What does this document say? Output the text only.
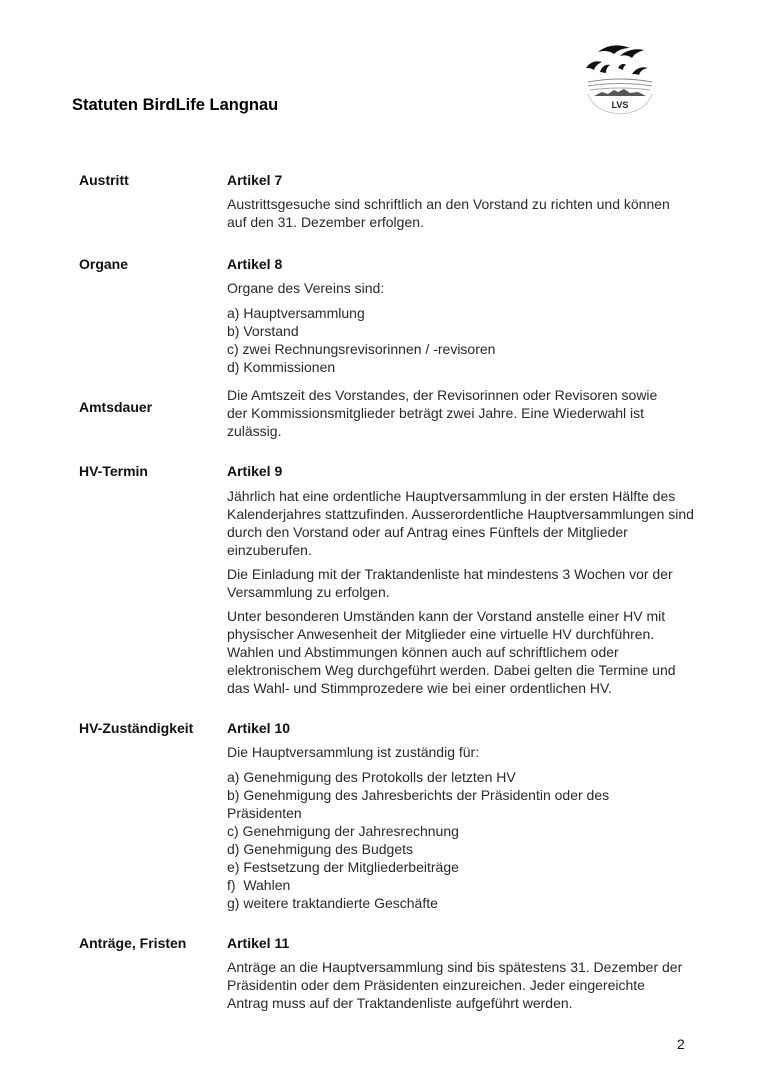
Statuten BirdLife Langnau	LVS
Austritt	Artikel 7
Austrittsgesuche sind schriftlich an den Vorstand zu richten und können
auf den 31. Dezember erfolgen.
Organe	Artikel 8
Organe des Vereins sind:
a) Hauptversammlung
b) Vorstand
c) zwei Rechnungsrevisorinnen / -revisoren
d) Kommissionen
Amtsdauer
Die Amtszeit des Vorstandes, der Revisorinnen oder Revisoren sowie
der Kommissionsmitglieder beträgt zwei Jahre. Eine Wiederwahl ist
zulässig.
HV-Termin	Artikel 9
Jährlich hat eine ordentliche Hauptversammlung in der ersten Hälfte des
Kalenderjahres stattzufinden. Ausserordentliche Hauptversammlungen sind
durch den Vorstand oder auf Antrag eines Fünftels der Mitglieder
einzuberufen.
Die Einladung mit der Traktandenliste hat mindestens 3 Wochen vor der
Versammlung zu erfolgen.
Unter besonderen Umständen kann der Vorstand anstelle einer HV mit
physischer Anwesenheit der Mitglieder eine virtuelle HV durchführen.
Wahlen und Abstimmungen können auch auf schriftlichem oder
elektronischem Weg durchgeführt werden. Dabei gelten die Termine und
das Wahl- und Stimmprozedere wie bei einer ordentlichen HV.
HV-Zuständigkeit Artikel 10
Die Hauptversammlung ist zuständig für:
a) Genehmigung des Protokolls der letzten HV
b) Genehmigung des Jahresberichts der Präsidentin oder des
Präsidenten
c) Genehmigung der Jahresrechnung
d) Genehmigung des Budgets
e) Festsetzung der Mitgliederbeiträge
f)  Wahlen
g) weitere traktandierte Geschäfte
Anträge, Fristen	Artikel 11
Anträge an die Hauptversammlung sind bis spätestens 31. Dezember der
Präsidentin oder dem Präsidenten einzureichen. Jeder eingereichte
Antrag muss auf der Traktandenliste aufgeführt werden.
2
